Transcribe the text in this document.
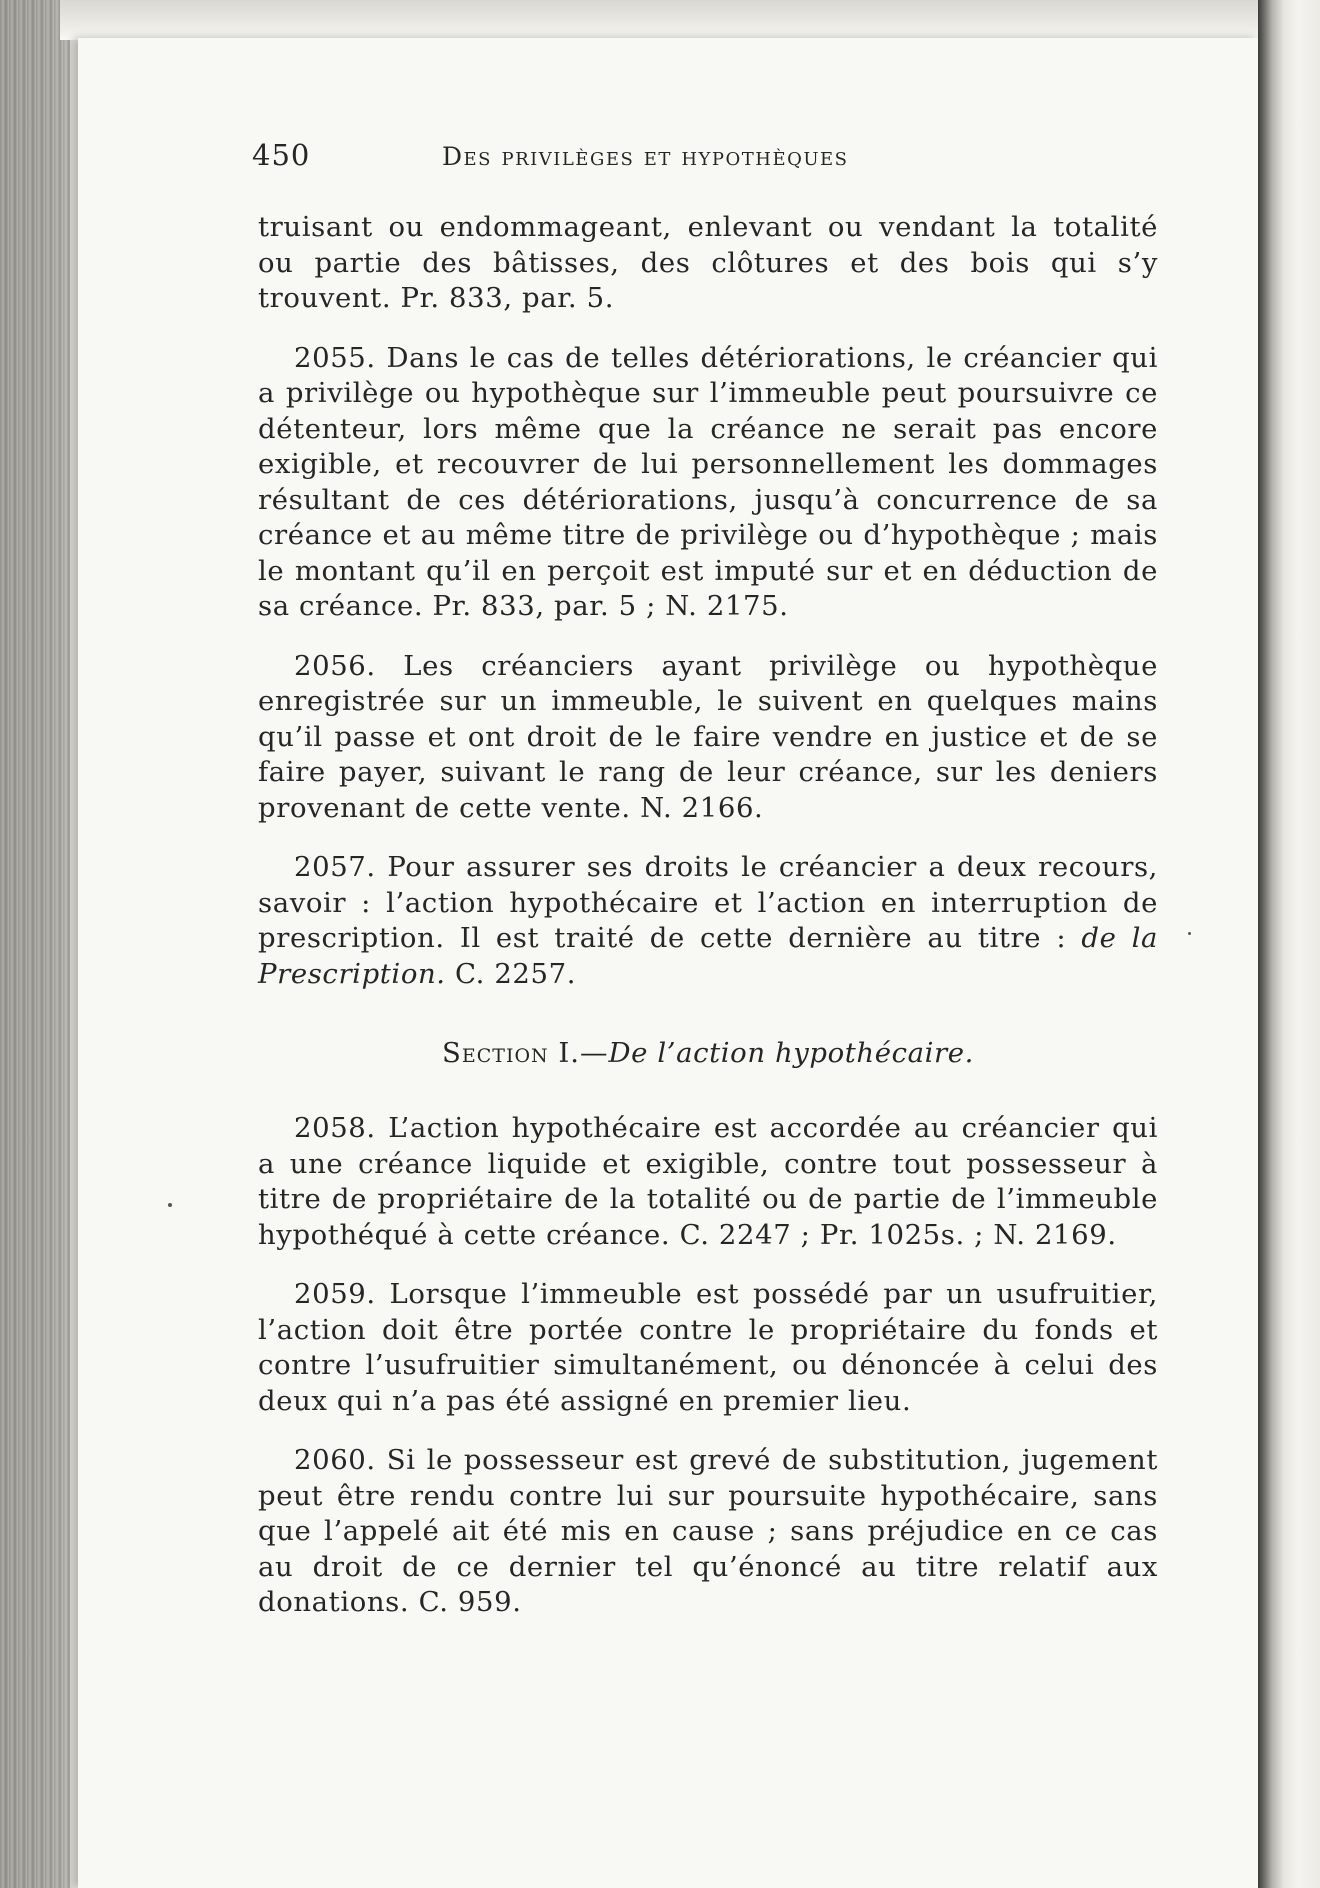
450	Des privilèges et hypothèques

truisant ou endommageant, enlevant ou vendant la totalité ou partie des bâtisses, des clôtures et des bois qui s’y trouvent. Pr. 833, par. 5.

2055. Dans le cas de telles détériorations, le créancier qui a privilège ou hypothèque sur l’immeuble peut poursuivre ce détenteur, lors même que la créance ne serait pas encore exigible, et recouvrer de lui personnellement les dommages résultant de ces détériorations, jusqu’à concurrence de sa créance et au même titre de privilège ou d’hypothèque ; mais le montant qu’il en perçoit est imputé sur et en déduction de sa créance. Pr. 833, par. 5 ; N. 2175.

2056. Les créanciers ayant privilège ou hypothèque enregistrée sur un immeuble, le suivent en quelques mains qu’il passe et ont droit de le faire vendre en justice et de se faire payer, suivant le rang de leur créance, sur les deniers provenant de cette vente. N. 2166.

2057. Pour assurer ses droits le créancier a deux recours, savoir : l’action hypothécaire et l’action en interruption de prescription. Il est traité de cette dernière au titre : de la Prescription. C. 2257.

Section I.—De l’action hypothécaire.

2058. L’action hypothécaire est accordée au créancier qui a une créance liquide et exigible, contre tout possesseur à titre de propriétaire de la totalité ou de partie de l’immeuble hypothéqué à cette créance. C. 2247 ; Pr. 1025s. ; N. 2169.

2059. Lorsque l’immeuble est possédé par un usufruitier, l’action doit être portée contre le propriétaire du fonds et contre l’usufruitier simultanément, ou dénoncée à celui des deux qui n’a pas été assigné en premier lieu.

2060. Si le possesseur est grevé de substitution, jugement peut être rendu contre lui sur poursuite hypothécaire, sans que l’appelé ait été mis en cause ; sans préjudice en ce cas au droit de ce dernier tel qu’énoncé au titre relatif aux donations. C. 959.
